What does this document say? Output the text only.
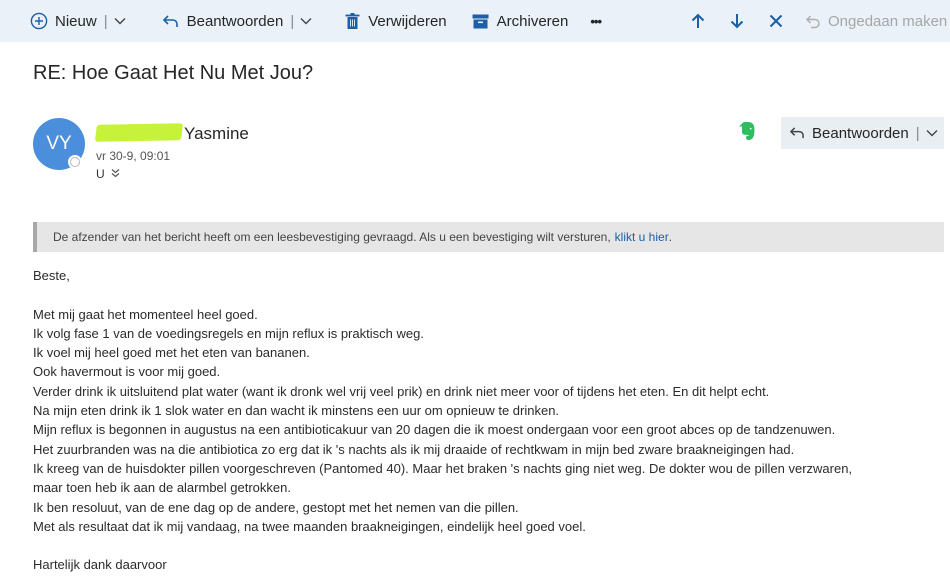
Nieuw |	Beantwoorden |	Verwijderen	Archiveren •••	Ongedaan maken
RE: Hoe Gaat Het Nu Met Jou?
VY	Yasmine
vr 30-9, 09:01
U
Beantwoorden |
De afzender van het bericht heeft om een leesbevestiging gevraagd. Als u een bevestiging wilt versturen, klikt u hier .
Beste,
Met mij gaat het momenteel heel goed.
Ik volg fase 1 van de voedingsregels en mijn reflux is praktisch weg.
Ik voel mij heel goed met het eten van bananen.
Ook havermout is voor mij goed.
Verder drink ik uitsluitend plat water (want ik dronk wel vrij veel prik) en drink niet meer voor of tijdens het eten. En dit helpt echt.
Na mijn eten drink ik 1 slok water en dan wacht ik minstens een uur om opnieuw te drinken.
Mijn reflux is begonnen in augustus na een antibioticakuur van 20 dagen die ik moest ondergaan voor een groot abces op de tandzenuwen.
Het zuurbranden was na die antibiotica zo erg dat ik 's nachts als ik mij draaide of rechtkwam in mijn bed zware braakneigingen had.
Ik kreeg van de huisdokter pillen voorgeschreven (Pantomed 40). Maar het braken 's nachts ging niet weg. De dokter wou de pillen verzwaren,
maar toen heb ik aan de alarmbel getrokken.
Ik ben resoluut, van de ene dag op de andere, gestopt met het nemen van die pillen.
Met als resultaat dat ik mij vandaag, na twee maanden braakneigingen, eindelijk heel goed voel.
Hartelijk dank daarvoor
